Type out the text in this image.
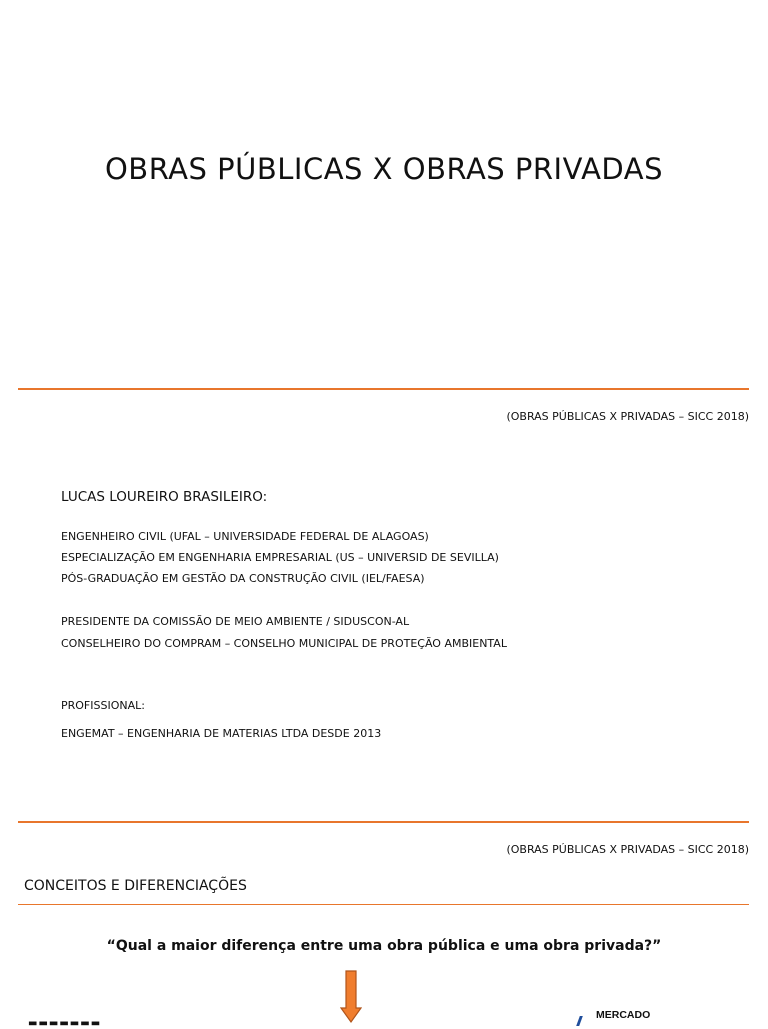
OBRAS PÚBLICAS X OBRAS PRIVADAS
(OBRAS PÚBLICAS X PRIVADAS – SICC 2018)
LUCAS LOUREIRO BRASILEIRO:
ENGENHEIRO CIVIL (UFAL – UNIVERSIDADE FEDERAL DE ALAGOAS)
ESPECIALIZAÇÃO EM ENGENHARIA EMPRESARIAL (US – UNIVERSID DE SEVILLA)
PÓS-GRADUAÇÃO EM GESTÃO DA CONSTRUÇÃO CIVIL (IEL/FAESA)
PRESIDENTE DA COMISSÃO DE MEIO AMBIENTE / SIDUSCON-AL
CONSELHEIRO DO COMPRAM – CONSELHO MUNICIPAL DE PROTEÇÃO AMBIENTAL
PROFISSIONAL:
ENGEMAT – ENGENHARIA DE MATERIAS LTDA DESDE 2013
(OBRAS PÚBLICAS X PRIVADAS – SICC 2018)
CONCEITOS E DIFERENCIAÇÕES
“Qual a maior diferença entre uma obra pública e uma obra privada?”
▬▬▬▬▬▬▬
MERCADO
